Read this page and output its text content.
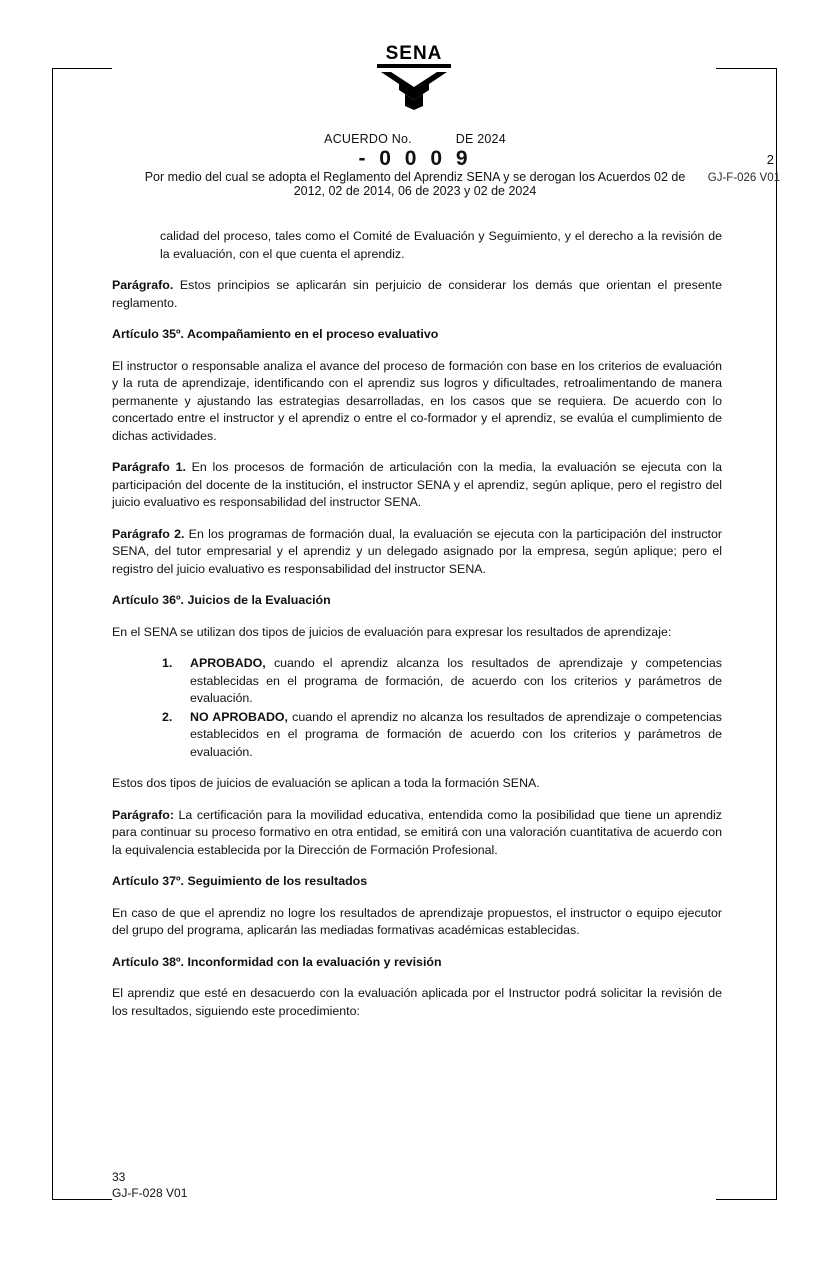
SENA
ACUERDO No.	DE 2024
- 0 0 0 9
Por medio del cual se adopta el Reglamento del Aprendiz SENA y se derogan los Acuerdos 02 de
2012, 02 de 2014, 06 de 2023 y 02 de 2024
2
GJ-F-026 V01

calidad del proceso, tales como el Comité de Evaluación y Seguimiento, y el derecho a la revisión de la evaluación, con el que cuenta el aprendiz.

Parágrafo. Estos principios se aplicarán sin perjuicio de considerar los demás que orientan el presente reglamento.

Artículo 35º. Acompañamiento en el proceso evaluativo

El instructor o responsable analiza el avance del proceso de formación con base en los criterios de evaluación y la ruta de aprendizaje, identificando con el aprendiz sus logros y dificultades, retroalimentando de manera permanente y ajustando las estrategias desarrolladas, en los casos que se requiera. De acuerdo con lo concertado entre el instructor y el aprendiz o entre el co-formador y el aprendiz, se evalúa el cumplimiento de dichas actividades.

Parágrafo 1. En los procesos de formación de articulación con la media, la evaluación se ejecuta con la participación del docente de la institución, el instructor SENA y el aprendiz, según aplique, pero el registro del juicio evaluativo es responsabilidad del instructor SENA.

Parágrafo 2. En los programas de formación dual, la evaluación se ejecuta con la participación del instructor SENA, del tutor empresarial y el aprendiz y un delegado asignado por la empresa, según aplique; pero el registro del juicio evaluativo es responsabilidad del instructor SENA.

Artículo 36º. Juicios de la Evaluación

En el SENA se utilizan dos tipos de juicios de evaluación para expresar los resultados de aprendizaje:

1. APROBADO, cuando el aprendiz alcanza los resultados de aprendizaje y competencias establecidas en el programa de formación, de acuerdo con los criterios y parámetros de evaluación.
2. NO APROBADO, cuando el aprendiz no alcanza los resultados de aprendizaje o competencias establecidos en el programa de formación de acuerdo con los criterios y parámetros de evaluación.

Estos dos tipos de juicios de evaluación se aplican a toda la formación SENA.

Parágrafo: La certificación para la movilidad educativa, entendida como la posibilidad que tiene un aprendiz para continuar su proceso formativo en otra entidad, se emitirá con una valoración cuantitativa de acuerdo con la equivalencia establecida por la Dirección de Formación Profesional.

Artículo 37º. Seguimiento de los resultados

En caso de que el aprendiz no logre los resultados de aprendizaje propuestos, el instructor o equipo ejecutor del grupo del programa, aplicarán las mediadas formativas académicas establecidas.

Artículo 38º. Inconformidad con la evaluación y revisión

El aprendiz que esté en desacuerdo con la evaluación aplicada por el Instructor podrá solicitar la revisión de los resultados, siguiendo este procedimiento:

33
GJ-F-028 V01
